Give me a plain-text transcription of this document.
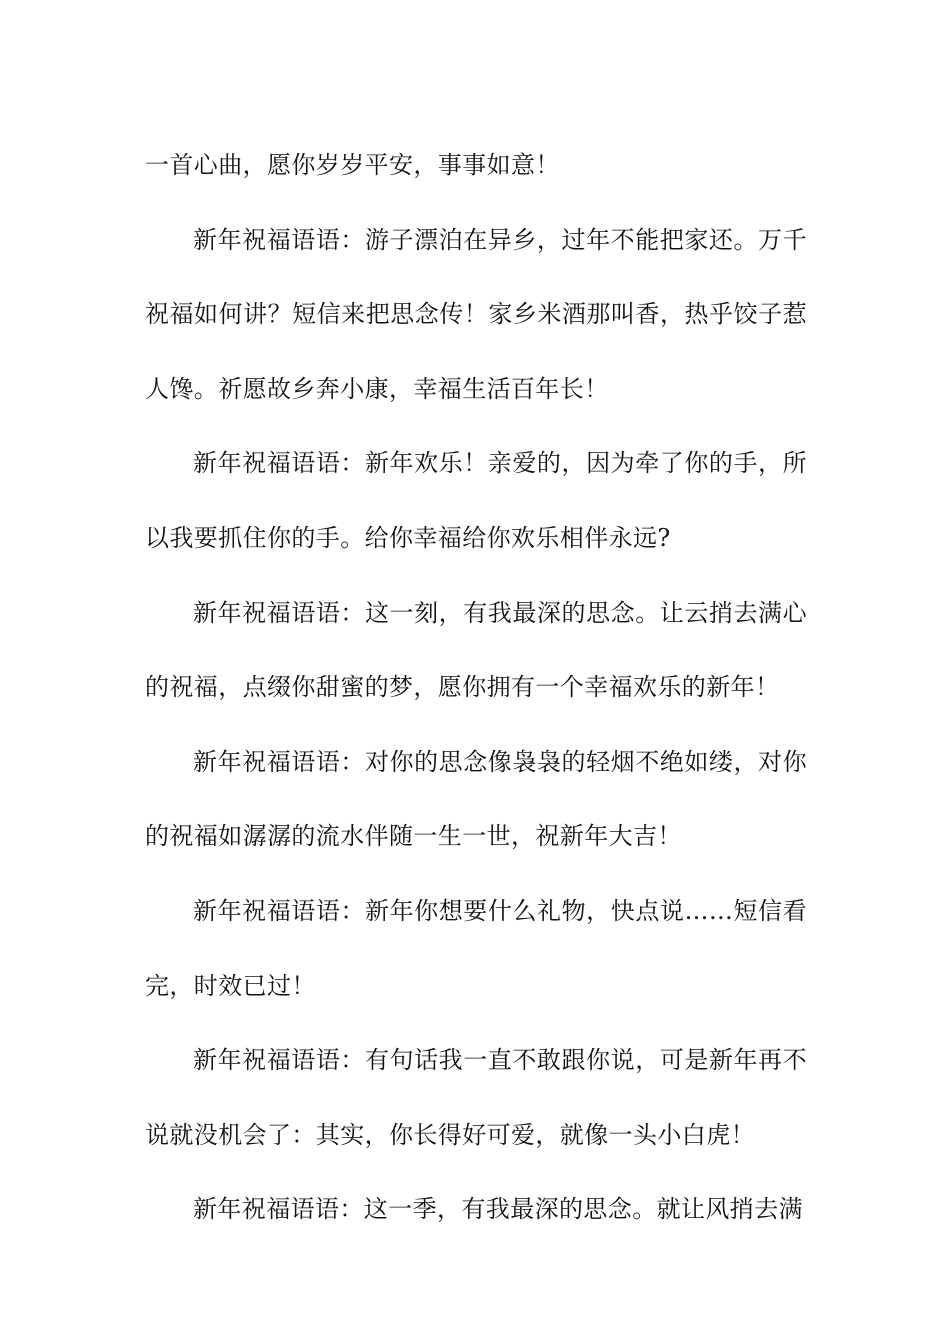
一首心曲，愿你岁岁平安，事事如意！

新年祝福语语：游子漂泊在异乡，过年不能把家还。万千祝福如何讲？短信来把思念传！家乡米酒那叫香，热乎饺子惹人馋。祈愿故乡奔小康，幸福生活百年长！

新年祝福语语：新年欢乐！亲爱的，因为牵了你的手，所以我要抓住你的手。给你幸福给你欢乐相伴永远?

新年祝福语语：这一刻，有我最深的思念。让云捎去满心的祝福，点缀你甜蜜的梦，愿你拥有一个幸福欢乐的新年！

新年祝福语语：对你的思念像袅袅的轻烟不绝如缕，对你的祝福如潺潺的流水伴随一生一世，祝新年大吉！

新年祝福语语：新年你想要什么礼物，快点说……短信看完，时效已过！

新年祝福语语：有句话我一直不敢跟你说，可是新年再不说就没机会了：其实，你长得好可爱，就像一头小白虎！

新年祝福语语：这一季，有我最深的思念。就让风捎去满
